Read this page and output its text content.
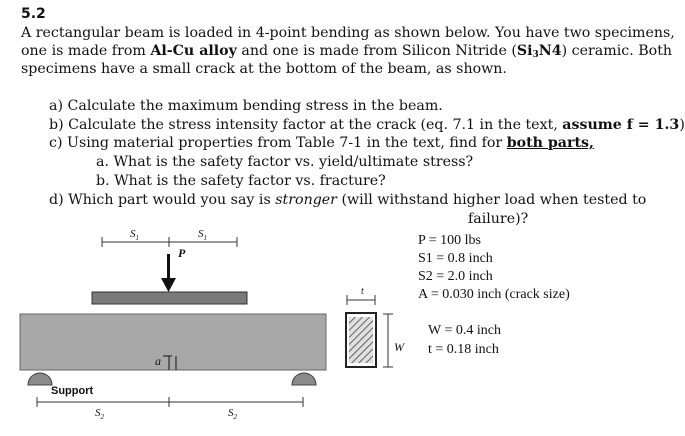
5.2
A rectangular beam is loaded in 4-point bending as shown below. You have two specimens,
one is made from Al-Cu alloy and one is made from Silicon Nitride (Si3N4) ceramic. Both
specimens have a small crack at the bottom of the beam, as shown.
a) Calculate the maximum bending stress in the beam.
b) Calculate the stress intensity factor at the crack (eq. 7.1 in the text, assume f = 1.3)
c) Using material properties from Table 7-1 in the text, find for both parts,
a. What is the safety factor vs. yield/ultimate stress?
b. What is the safety factor vs. fracture?
d) Which part would you say is stronger (will withstand higher load when tested to
failure)?
$S_1$	$S_1$
P
a
t
W
Support
$S_2$	$S_2$
P = 100 lbs
S1 = 0.8 inch
S2 = 2.0 inch
A = 0.030 inch (crack size)
W = 0.4 inch
t = 0.18 inch
